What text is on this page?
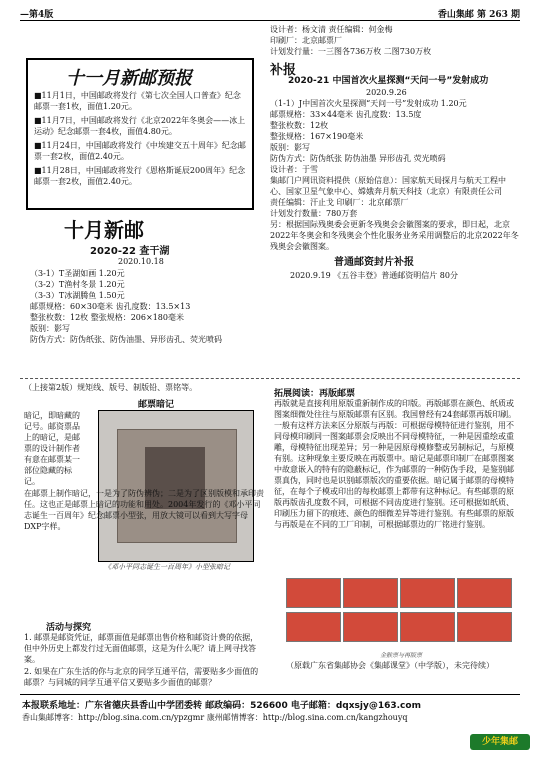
—第4版	香山集邮 第 263 期
十一月新邮预报
■11月1日，中国邮政将发行《第七次全国人口普查》纪念邮票一套1枚，面值1.20元。
■11月7日，中国邮政将发行《北京2022年冬奥会——冰上运动》纪念邮票一套4枚，面值4.80元。
■11月24日，中国邮政将发行《中埃建交五十周年》纪念邮票一套2枚，面值2.40元。
■11月28日，中国邮政将发行《恩格斯诞辰200周年》纪念邮票一套2枚，面值2.40元。
十月新邮
2020-22 查干湖
2020.10.18
（3-1）T圣湖如画 1.20元
（3-2）T渔村冬景 1.20元
（3-3）T冰湖腾鱼 1.50元
邮票规格：60×30毫米 齿孔度数：13.5×13
整张枚数：12枚 整张规格：206×180毫米
版别：影写
防伪方式：防伪纸张、防伪油墨、异形齿孔、荧光喷码
设计者：杨文清 责任编辑：何金梅
印刷厂：北京邮票厂
计划发行量：一三图各736万枚 二图730万枚
补报
2020-21 中国首次火星探测“天问一号”发射成功
2020.9.26
（1-1）J中国首次火星探测“天问一号”发射成功 1.20元
邮票规格：33×44毫米 齿孔度数：13.5度
整张枚数：12枚
整张规格：167×190毫米
版别：影写
防伪方式：防伪纸张 防伪油墨 异形齿孔 荧光喷码
设计者：于雪
集邮门户网讯资料提供（原始信息）：国家航天局探月与航天工程中心、国家卫星气象中心、嫦娥奔月航天科技（北京）有限责任公司
责任编辑：汗止戈 印刷厂：北京邮票厂
计划发行数量：780万套
另：根据国际残奥委会更新冬残奥会会徽图案的要求，即日起，北京2022年冬奥会和冬残奥会个性化服务业务采用调整后的北京2022年冬残奥会会徽图案。
普通邮资封片补报
2020.9.19 《五谷丰登》普通邮资明信片 80分
（上接第2版）规矩线、版号、制版铅、票铭等。
邮票暗记
暗记，即暗藏的记号。邮资票品上的暗记，是邮票的设计制作者有意在邮票某一部位隐藏的标记。
《邓小平同志诞生一百周年》小型张暗记
在邮票上制作暗记，一是为了防伪辨伪；二是为了区别版模和承印责任。这也正是邮票上暗记的功能和用处。2004年发行的《邓小平同志诞生一百周年》纪念邮票小型张，用放大镜可以看到大写字母DXP字样。
活动与探究
1. 邮票是邮资凭证，邮票面值是邮票出售价格和邮资计费的依据，但中外历史上都发行过无面值邮票，这是为什么呢？请上网寻找答案。
2. 如果在广东生活的你与北京的同学互通平信，需要贴多少面值的邮票？与同城的同学互通平信又要贴多少面值的邮票？
拓展阅读：再版邮票
再版就是直接利用原版重新制作成的印版。再版邮票在颜色、纸质或图案细微处往往与原版邮票有区别。我国曾经有24套邮票再版印刷。一般有这样方法来区分原版与再版：可根据母模特征进行鉴别，用不同母模印刷同一图案邮票会反映出不同母模特征，一种是因重绘或重雕，母模特征出现差异；另一种是因原母模修整或另制标记，与原模有别。这种现象主要反映在再版票中。暗记是邮票印制厂在邮票图案中故意嵌入的特有的隐蔽标记，作为邮票的一种防伪手段，是鉴别邮票真伪，同时也是识别邮票版次的重要依据。暗记属于邮票的母模特征，在每个子模或印出的每枚邮票上都带有这种标记。有些邮票的原版再版齿孔度数不同，可根据不同齿度进行鉴别。还可根据如纸质、印刷压力留下的痕迹、颜色的细微差异等进行鉴别。有些邮票的原版与再版是在不同的工厂印制，可根据邮票边的厂铭进行鉴别。
金猴票与再版票
（原载广东省集邮协会《集邮课堂》（中学版），未完待续）
本报联系地址：广东省德庆县香山中学团委转 邮政编码：526600 电子邮箱：dqxsjy@163.com
香山集邮博客：http://blog.sina.com.cn/ypzgmr 康州邮情博客：http://blog.sina.com.cn/kangzhouyq
少年集邮
